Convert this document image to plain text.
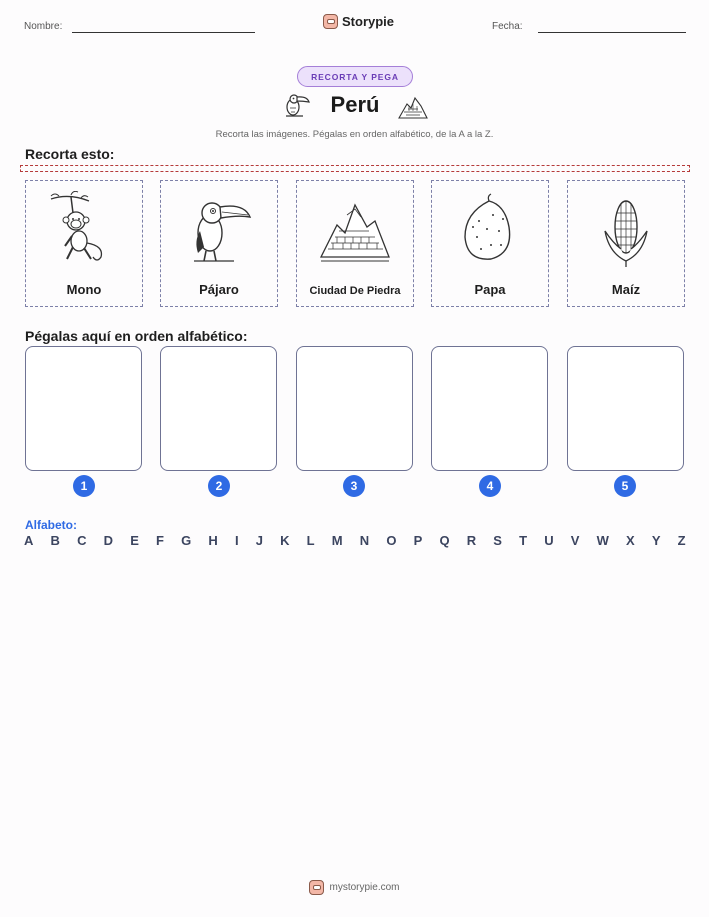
Nombre:	Storypie	Fecha:
RECORTA Y PEGA
Perú
Recorta las imágenes. Pégalas en orden alfabético, de la A a la Z.
Recorta esto:
Mono	Pájaro	Ciudad De Piedra	Papa	Maíz
Pégalas aquí en orden alfabético:
1	2	3	4	5
Alfabeto:
A B C D E F G H I J K L M N O P Q R S T U V W X Y Z
mystorypie.com
